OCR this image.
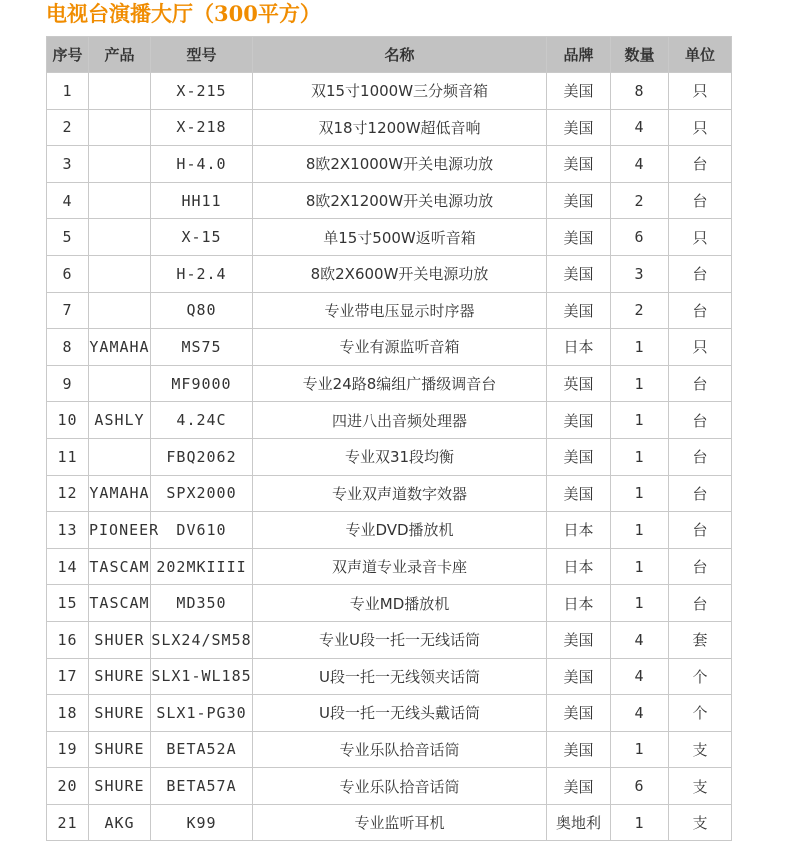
电视台演播大厅（300平方）
序号	产品	型号	名称	品牌	数量	单位
1		X-215	双15寸1000W三分频音箱	美国	8	只
2		X-218	双18寸1200W超低音响	美国	4	只
3		H-4.0	8欧2X1000W开关电源功放	美国	4	台
4		HH11	8欧2X1200W开关电源功放	美国	2	台
5		X-15	单15寸500W返听音箱	美国	6	只
6		H-2.4	8欧2X600W开关电源功放	美国	3	台
7		Q80	专业带电压显示时序器	美国	2	台
8	YAMAHA	MS75	专业有源监听音箱	日本	1	只
9		MF9000	专业24路8编组广播级调音台	英国	1	台
10	ASHLY	4.24C	四进八出音频处理器	美国	1	台
11		FBQ2062	专业双31段均衡	美国	1	台
12	YAMAHA	SPX2000	专业双声道数字效器	美国	1	台
13	PIONEER	DV610	专业DVD播放机	日本	1	台
14	TASCAM	202MKIIII	双声道专业录音卡座	日本	1	台
15	TASCAM	MD350	专业MD播放机	日本	1	台
16	SHUER	SLX24/SM58	专业U段一托一无线话筒	美国	4	套
17	SHURE	SLX1-WL185	U段一托一无线领夹话筒	美国	4	个
18	SHURE	SLX1-PG30	U段一托一无线头戴话筒	美国	4	个
19	SHURE	BETA52A	专业乐队拾音话筒	美国	1	支
20	SHURE	BETA57A	专业乐队拾音话筒	美国	6	支
21	AKG	K99	专业监听耳机	奥地利	1	支
